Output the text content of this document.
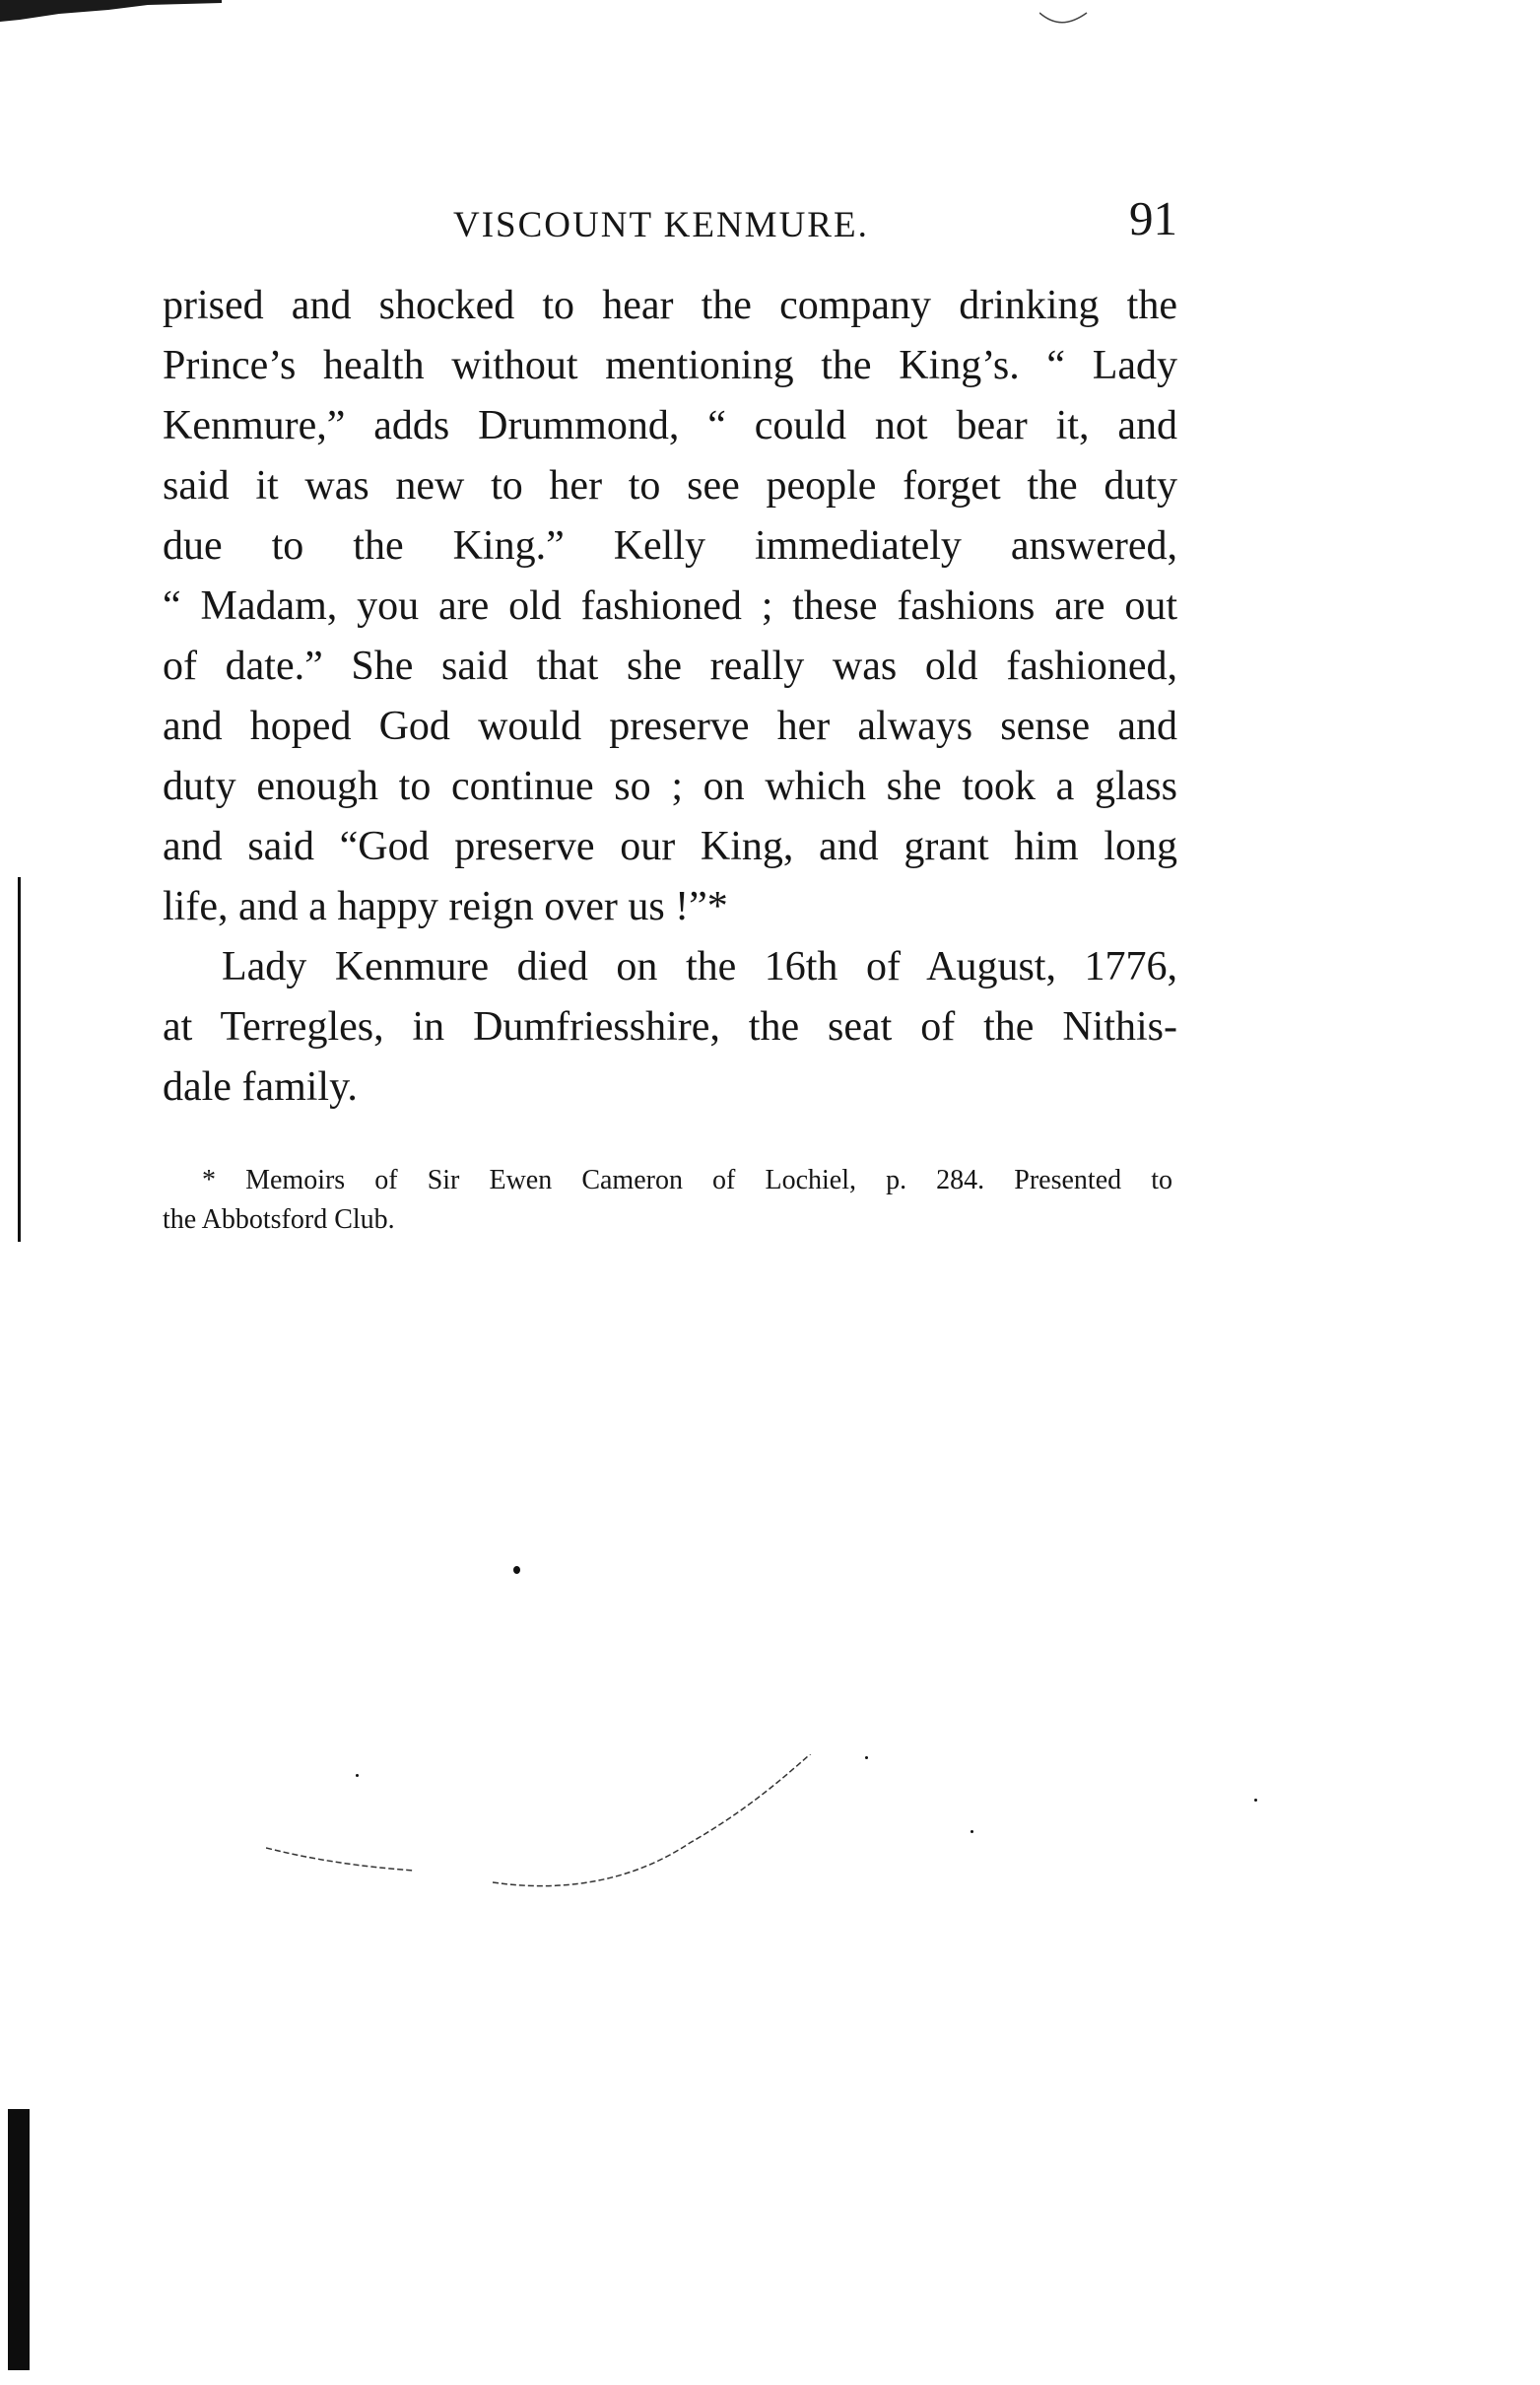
VISCOUNT KENMURE.	91
prised and shocked to hear the company drinking the
Prince’s health without mentioning the King’s. “ Lady
Kenmure,” adds Drummond, “ could not bear it, and
said it was new to her to see people forget the duty
due to the King.” Kelly immediately answered,
“ Madam, you are old fashioned ; these fashions are out
of date.” She said that she really was old fashioned,
and hoped God would preserve her always sense and
duty enough to continue so ; on which she took a glass
and said “God preserve our King, and grant him long
life, and a happy reign over us !”*
Lady Kenmure died on the 16th of August, 1776,
at Terregles, in Dumfriesshire, the seat of the Nithis-
dale family.
* Memoirs of Sir Ewen Cameron of Lochiel, p. 284. Presented to
the Abbotsford Club.
